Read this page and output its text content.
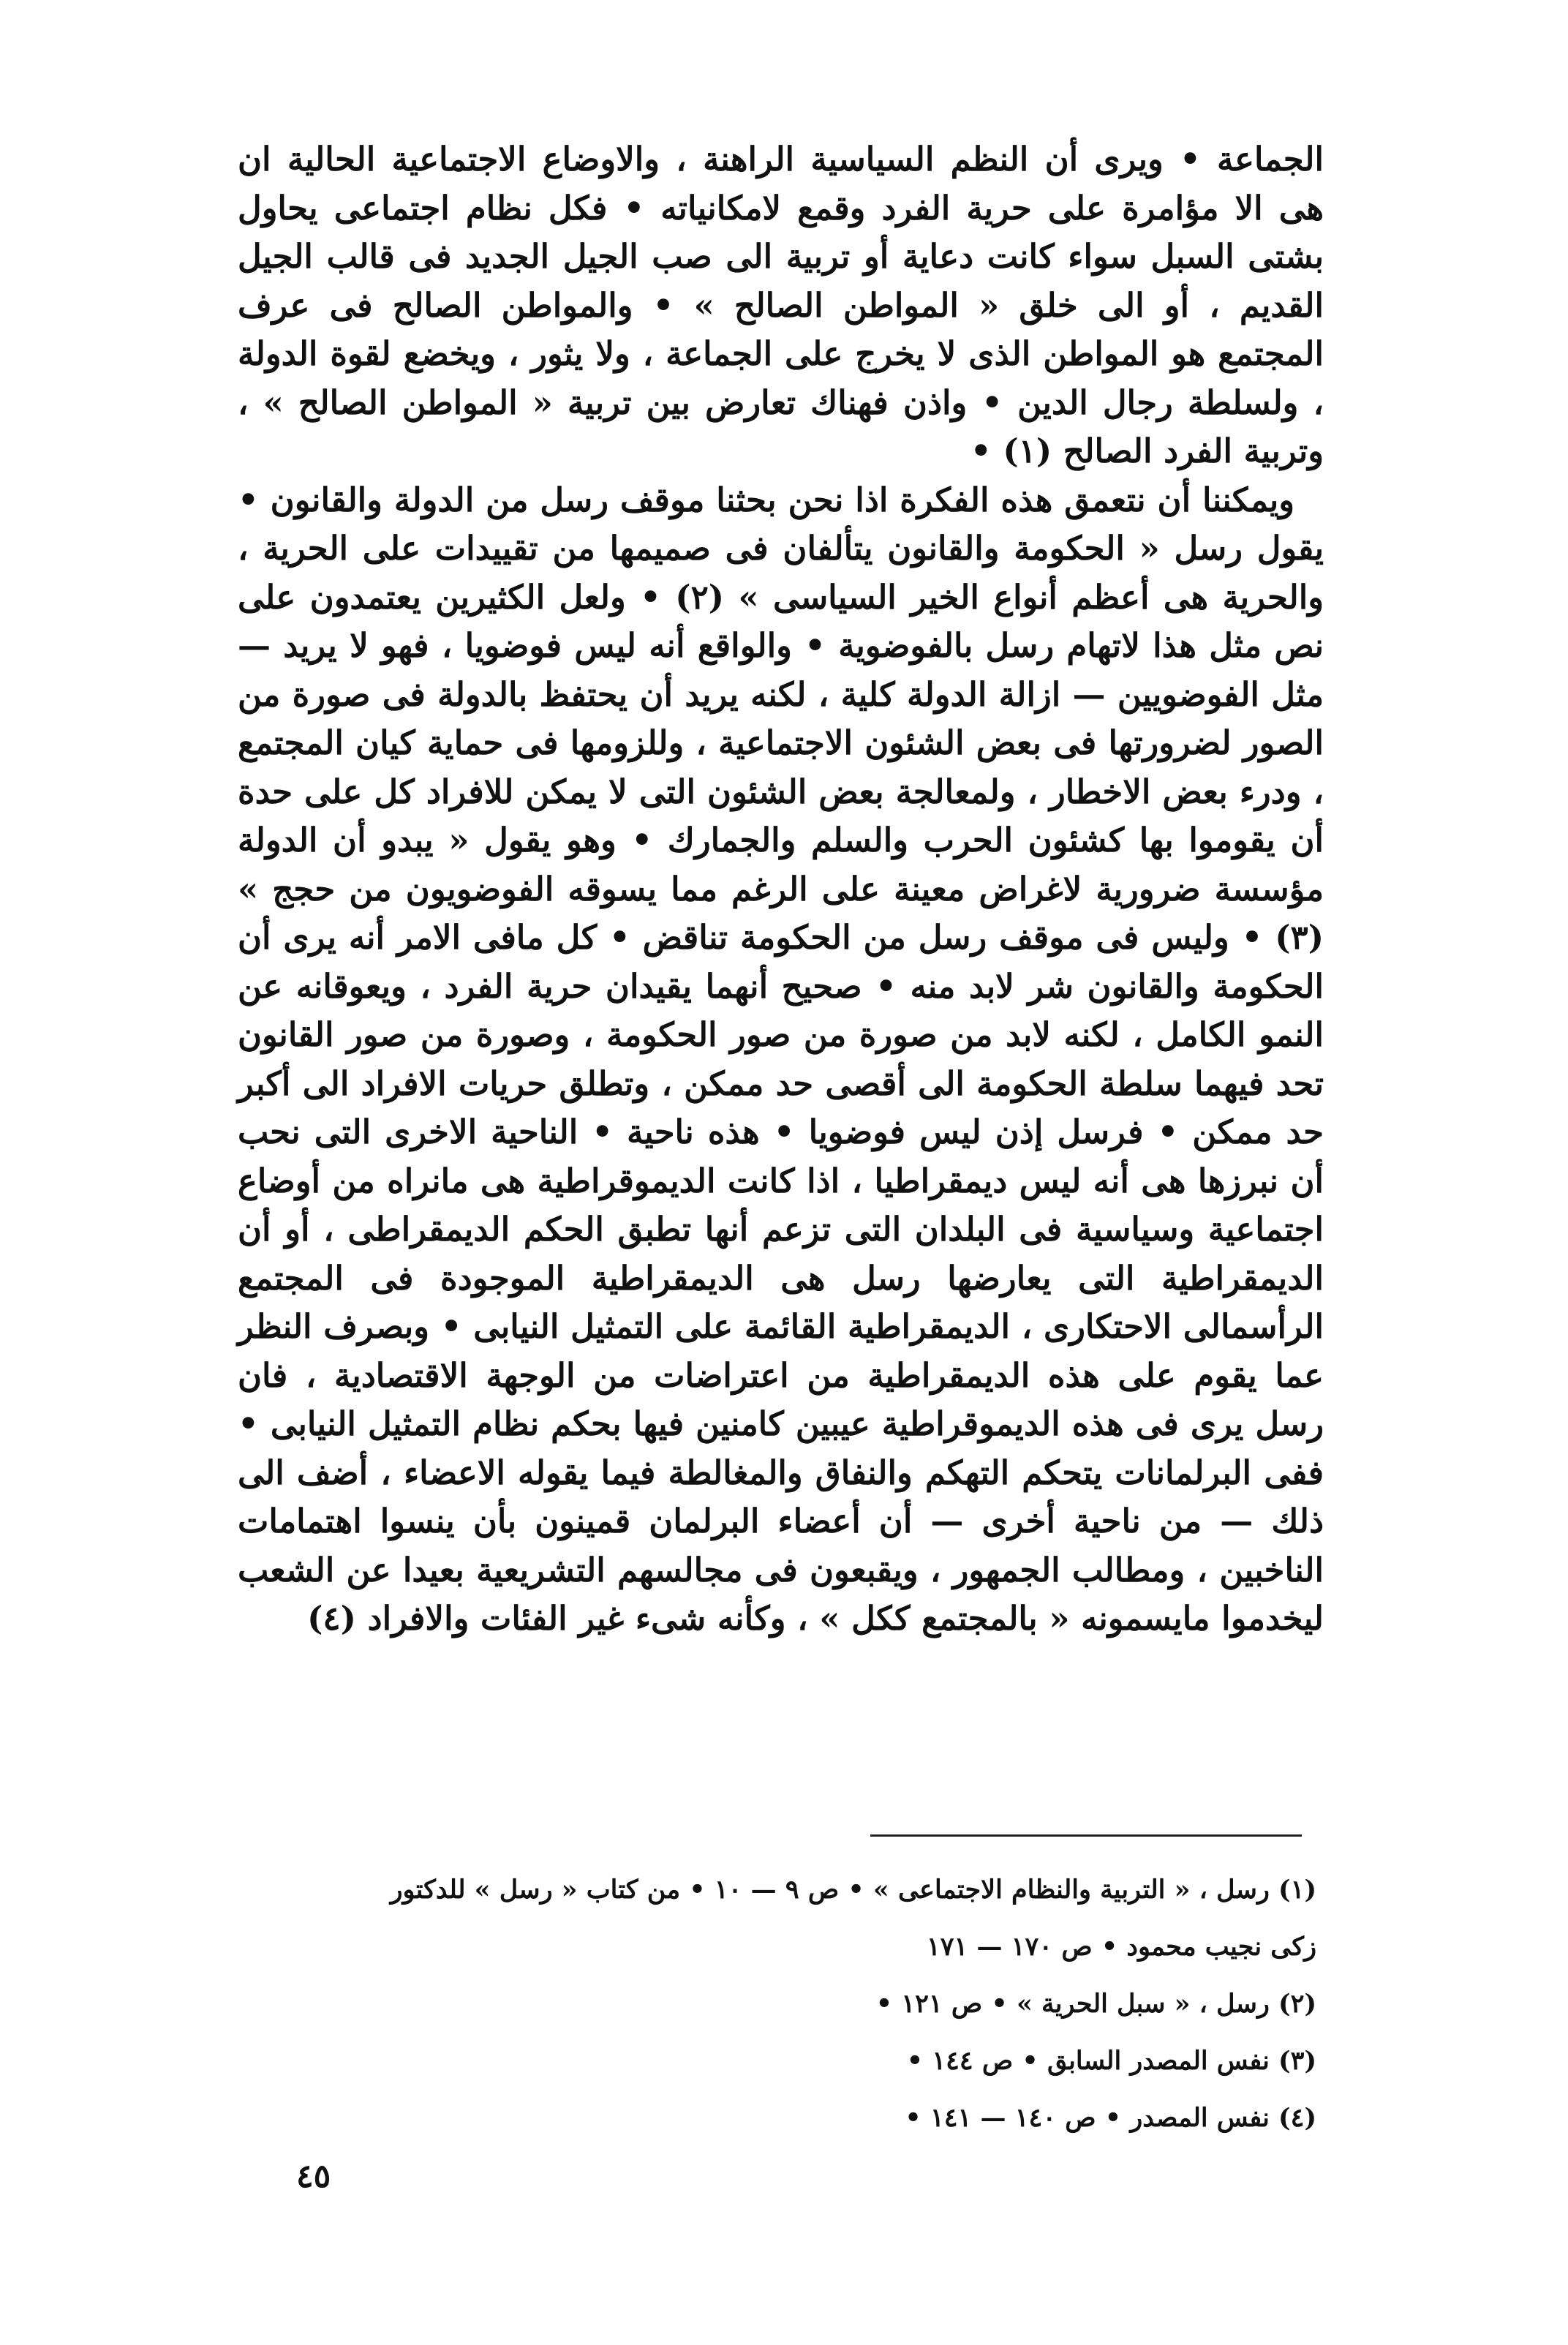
الجماعة • ويرى أن النظم السياسية الراهنة ، والاوضاع الاجتماعية الحالية ان هى الا مؤامرة على حرية الفرد وقمع لامكانياته • فكل نظام اجتماعى يحاول بشتى السبل سواء كانت دعاية أو تربية الى صب الجيل الجديد فى قالب الجيل القديم ، أو الى خلق « المواطن الصالح » • والمواطن الصالح فى عرف المجتمع هو المواطن الذى لا يخرج على الجماعة ، ولا يثور ، ويخضع لقوة الدولة ، ولسلطة رجال الدين • واذن فهناك تعارض بين تربية « المواطن الصالح » ، وتربية الفرد الصالح (١) •

ويمكننا أن نتعمق هذه الفكرة اذا نحن بحثنا موقف رسل من الدولة والقانون • يقول رسل « الحكومة والقانون يتألفان فى صميمها من تقييدات على الحرية ، والحرية هى أعظم أنواع الخير السياسى » (٢) • ولعل الكثيرين يعتمدون على نص مثل هذا لاتهام رسل بالفوضوية • والواقع أنه ليس فوضويا ، فهو لا يريد — مثل الفوضويين — ازالة الدولة كلية ، لكنه يريد أن يحتفظ بالدولة فى صورة من الصور لضرورتها فى بعض الشئون الاجتماعية ، وللزومها فى حماية كيان المجتمع ، ودرء بعض الاخطار ، ولمعالجة بعض الشئون التى لا يمكن للافراد كل على حدة أن يقوموا بها كشئون الحرب والسلم والجمارك • وهو يقول « يبدو أن الدولة مؤسسة ضرورية لاغراض معينة على الرغم مما يسوقه الفوضويون من حجج » (٣) • وليس فى موقف رسل من الحكومة تناقض • كل مافى الامر أنه يرى أن الحكومة والقانون شر لابد منه • صحيح أنهما يقيدان حرية الفرد ، ويعوقانه عن النمو الكامل ، لكنه لابد من صورة من صور الحكومة ، وصورة من صور القانون تحد فيهما سلطة الحكومة الى أقصى حد ممكن ، وتطلق حريات الافراد الى أكبر حد ممكن • فرسل إذن ليس فوضويا • هذه ناحية • الناحية الاخرى التى نحب أن نبرزها هى أنه ليس ديمقراطيا ، اذا كانت الديموقراطية هى مانراه من أوضاع اجتماعية وسياسية فى البلدان التى تزعم أنها تطبق الحكم الديمقراطى ، أو أن الديمقراطية التى يعارضها رسل هى الديمقراطية الموجودة فى المجتمع الرأسمالى الاحتكارى ، الديمقراطية القائمة على التمثيل النيابى • وبصرف النظر عما يقوم على هذه الديمقراطية من اعتراضات من الوجهة الاقتصادية ، فان رسل يرى فى هذه الديموقراطية عيبين كامنين فيها بحكم نظام التمثيل النيابى • ففى البرلمانات يتحكم التهكم والنفاق والمغالطة فيما يقوله الاعضاء ، أضف الى ذلك — من ناحية أخرى — أن أعضاء البرلمان قمينون بأن ينسوا اهتمامات الناخبين ، ومطالب الجمهور ، ويقبعون فى مجالسهم التشريعية بعيدا عن الشعب ليخدموا مايسمونه « بالمجتمع ككل » ، وكأنه شىء غير الفئات والافراد (٤)

(١) رسل ، « التربية والنظام الاجتماعى » • ص ٩ — ١٠ • من كتاب « رسل » للدكتور
زكى نجيب محمود • ص ١٧٠ — ١٧١
(٢) رسل ، « سبل الحرية » • ص ١٢١ •
(٣) نفس المصدر السابق • ص ١٤٤ •
(٤) نفس المصدر • ص ١٤٠ — ١٤١ •
٤٥
